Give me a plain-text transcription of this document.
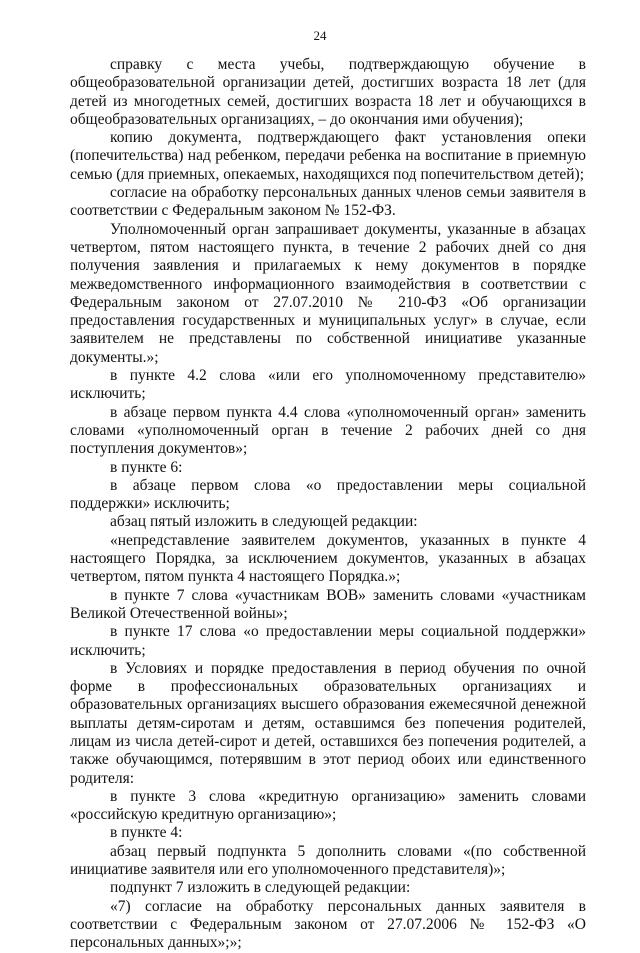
24

справку с места учебы, подтверждающую обучение в общеобразовательной организации детей, достигших возраста 18 лет (для детей из многодетных семей, достигших возраста 18 лет и обучающихся в общеобразовательных организациях, – до окончания ими обучения);

копию документа, подтверждающего факт установления опеки (попечительства) над ребенком, передачи ребенка на воспитание в приемную семью (для приемных, опекаемых, находящихся под попечительством детей);

согласие на обработку персональных данных членов семьи заявителя в соответствии с Федеральным законом № 152-ФЗ.

Уполномоченный орган запрашивает документы, указанные в абзацах четвертом, пятом настоящего пункта, в течение 2 рабочих дней со дня получения заявления и прилагаемых к нему документов в порядке межведомственного информационного взаимодействия в соответствии с Федеральным законом от 27.07.2010 № 210-ФЗ «Об организации предоставления государственных и муниципальных услуг» в случае, если заявителем не представлены по собственной инициативе указанные документы.»;

в пункте 4.2 слова «или его уполномоченному представителю» исключить;

в абзаце первом пункта 4.4 слова «уполномоченный орган» заменить словами «уполномоченный орган в течение 2 рабочих дней со дня поступления документов»;

в пункте 6:

в абзаце первом слова «о предоставлении меры социальной поддержки» исключить;

абзац пятый изложить в следующей редакции:

«непредставление заявителем документов, указанных в пункте 4 настоящего Порядка, за исключением документов, указанных в абзацах четвертом, пятом пункта 4 настоящего Порядка.»;

в пункте 7 слова «участникам ВОВ» заменить словами «участникам Великой Отечественной войны»;

в пункте 17 слова «о предоставлении меры социальной поддержки» исключить;

в Условиях и порядке предоставления в период обучения по очной форме в профессиональных образовательных организациях и образовательных организациях высшего образования ежемесячной денежной выплаты детям-сиротам и детям, оставшимся без попечения родителей, лицам из числа детей-сирот и детей, оставшихся без попечения родителей, а также обучающимся, потерявшим в этот период обоих или единственного родителя:

в пункте 3 слова «кредитную организацию» заменить словами «российскую кредитную организацию»;

в пункте 4:

абзац первый подпункта 5 дополнить словами «(по собственной инициативе заявителя или его уполномоченного представителя)»;

подпункт 7 изложить в следующей редакции:

«7) согласие на обработку персональных данных заявителя в соответствии с Федеральным законом от 27.07.2006 № 152-ФЗ «О персональных данных»;»;
